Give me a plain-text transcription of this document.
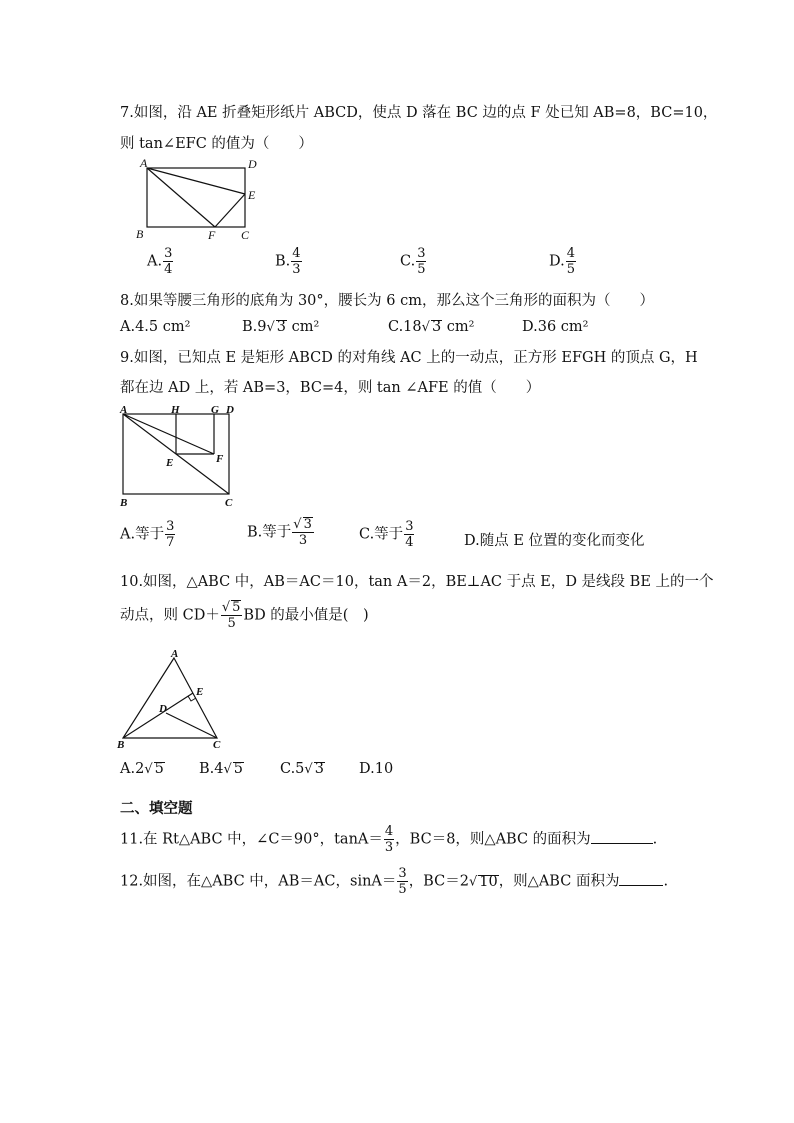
7.如图，沿 AE 折叠矩形纸片 ABCD，使点 D 落在 BC 边的点 F 处已知 AB=8，BC=10，
则 tan∠EFC 的值为（　　）
A	D
E
B	F C
A. $\frac{3}{4}$	B. $\frac{4}{3}$	C. $\frac{3}{5}$	D. $\frac{4}{5}$
8.如果等腰三角形的底角为 30°，腰长为 6 cm，那么这个三角形的面积为（　　）
A.4.5 cm²	B.9√ 3 cm²	C.18√ 3 cm²	D.36 cm²
9.如图，已知点 E 是矩形 ABCD 的对角线 AC 上的一动点，正方形 EFGH 的顶点 G，H
都在边 AD 上，若 AB=3，BC=4，则 tan ∠AFE 的值（　　）
A	H	G D
E	F
B	C
A.等于 $\frac{3}{7}$	B.等于 $\frac{√ 3}{3}$	C.等于 $\frac{3}{4}$	D.随点 E 位置的变化而变化
10.如图，△ABC 中，AB＝AC＝10，tan A＝2，BE⊥AC 于点 E，D 是线段 BE 上的一个
动点，则 $CD+ \frac{√ 5}{5}$ BD 的最小值是(　)
A
E
D
B	C
A.2√ 5 B.4√ 5	C.5√ 3 D.10
二、填空题
11.在 Rt△ABC 中，∠C＝90°，$\tan A= \frac{4}{3}$ ，BC＝8，则△ABC 的面积为	.
12.如图，在△ABC 中，AB＝AC，$\sin A= \frac{3}{5}$ ，BC＝2√ 10，则△ABC 面积为	.
